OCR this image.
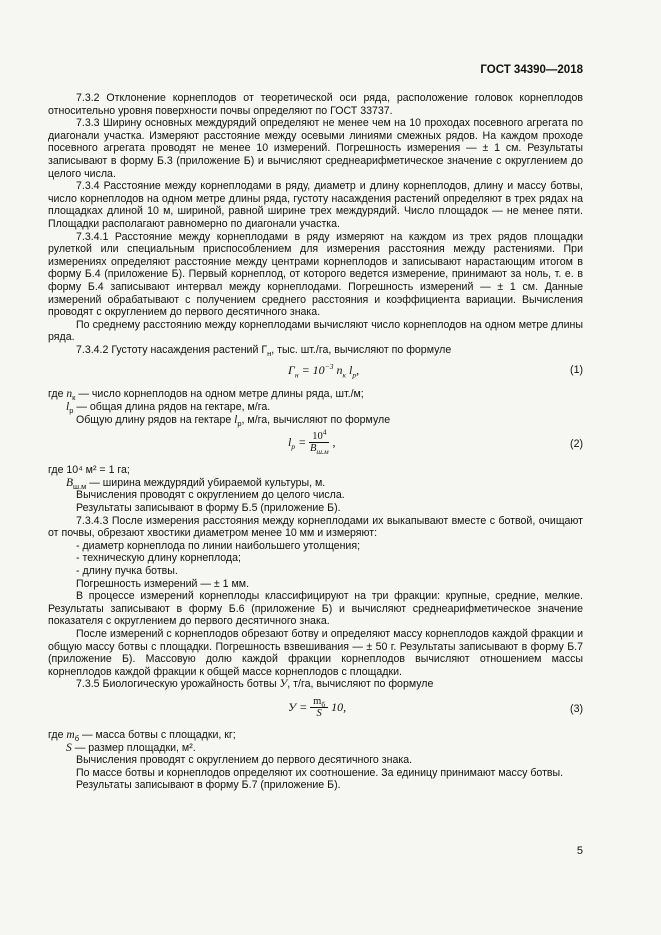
ГОСТ 34390—2018

7.3.2 Отклонение корнеплодов от теоретической оси ряда, расположение головок корнеплодов относительно уровня поверхности почвы определяют по ГОСТ 33737.

7.3.3 Ширину основных междурядий определяют не менее чем на 10 проходах посевного агрегата по диагонали участка. Измеряют расстояние между осевыми линиями смежных рядов. На каждом проходе посевного агрегата проводят не менее 10 измерений. Погрешность измерения — ± 1 см. Результаты записывают в форму Б.3 (приложение Б) и вычисляют среднеарифметическое значение с округлением до целого числа.

7.3.4 Расстояние между корнеплодами в ряду, диаметр и длину корнеплодов, длину и массу ботвы, число корнеплодов на одном метре длины ряда, густоту насаждения растений определяют в трех рядах на площадках длиной 10 м, шириной, равной ширине трех междурядий. Число площадок — не менее пяти. Площадки располагают равномерно по диагонали участка.

7.3.4.1 Расстояние между корнеплодами в ряду измеряют на каждом из трех рядов площадки рулеткой или специальным приспособлением для измерения расстояния между растениями. При измерениях определяют расстояние между центрами корнеплодов и записывают нарастающим итогом в форму Б.4 (приложение Б). Первый корнеплод, от которого ведется измерение, принимают за ноль, т. е. в форму Б.4 записывают интервал между корнеплодами. Погрешность измерений — ± 1 см. Данные измерений обрабатывают с получением среднего расстояния и коэффициента вариации. Вычисления проводят с округлением до первого десятичного знака.

По среднему расстоянию между корнеплодами вычисляют число корнеплодов на одном метре длины ряда.

7.3.4.2 Густоту насаждения растений $Г_н$, тыс. шт./га, вычисляют по формуле

$Г_н = 10^{-3}$ $n_к$ $l_р$,	(1)

где $n_к$ — число корнеплодов на одном метре длины ряда, шт./м;

$l_р$ — общая длина рядов на гектаре, м/га.

Общую длину рядов на гектаре $l_р$, м/га, вычисляют по формуле

$l_р = \frac{10^4}{B_{ш.м}}$ ,	(2)

где 10⁴ м² = 1 га;

$B_{ш.м}$ — ширина междурядий убираемой культуры, м.

Вычисления проводят с округлением до целого числа.

Результаты записывают в форму Б.5 (приложение Б).

7.3.4.3 После измерения расстояния между корнеплодами их выкапывают вместе с ботвой, очищают от почвы, обрезают хвостики диаметром менее 10 мм и измеряют:

- диаметр корнеплода по линии наибольшего утолщения;

- техническую длину корнеплода;

- длину пучка ботвы.

Погрешность измерений — ± 1 мм.

В процессе измерений корнеплоды классифицируют на три фракции: крупные, средние, мелкие. Результаты записывают в форму Б.6 (приложение Б) и вычисляют среднеарифметическое значение показателя с округлением до первого десятичного знака.

После измерений с корнеплодов обрезают ботву и определяют массу корнеплодов каждой фракции и общую массу ботвы с площадки. Погрешность взвешивания — ± 50 г. Результаты записывают в форму Б.7 (приложение Б). Массовую долю каждой фракции корнеплодов вычисляют отношением массы корнеплодов каждой фракции к общей массе корнеплодов с площадки.

7.3.5 Биологическую урожайность ботвы У, т/га, вычисляют по формуле

$У = \frac{m_б}{S} 10$,	(3)

где $m_б$ — масса ботвы с площадки, кг;

S — размер площадки, м².

Вычисления проводят с округлением до первого десятичного знака.

По массе ботвы и корнеплодов определяют их соотношение. За единицу принимают массу ботвы.

Результаты записывают в форму Б.7 (приложение Б).

5
